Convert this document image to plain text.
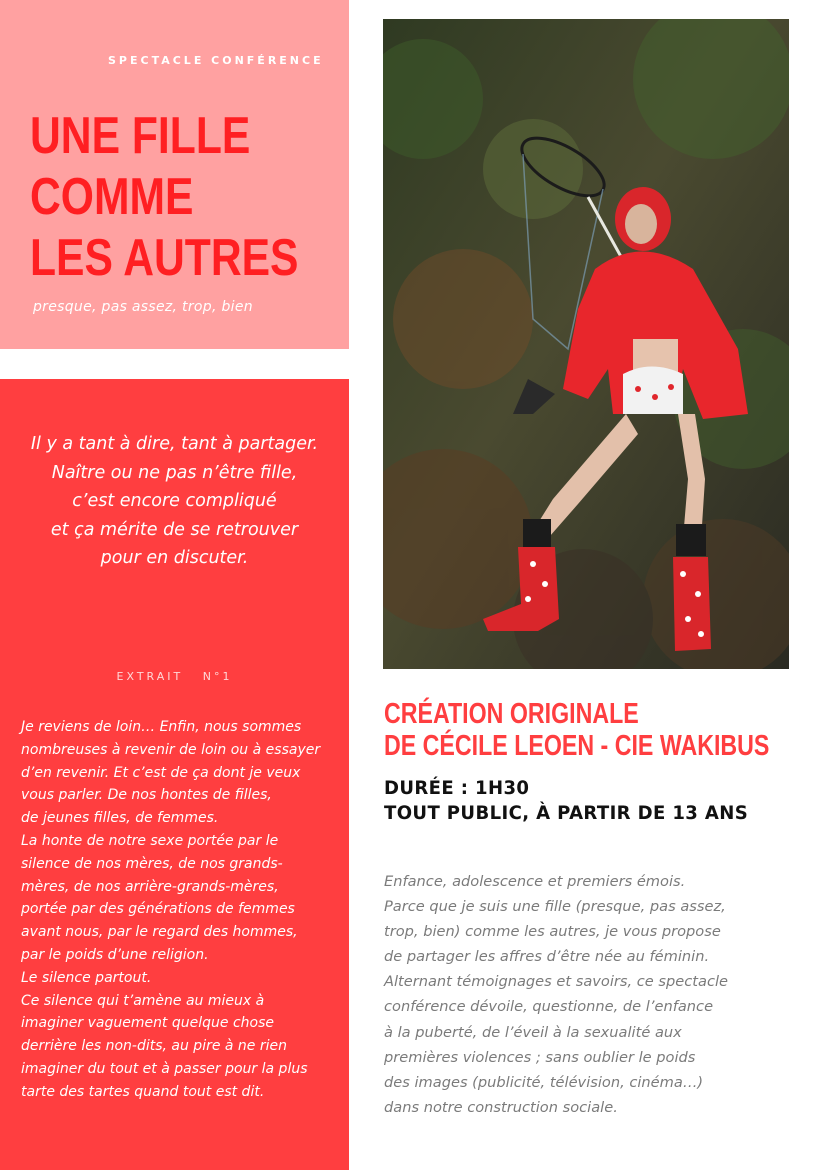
SPECTACLE CONFÉRENCE
UNE FILLE
COMME
LES AUTRES
presque, pas assez, trop, bien

Il y a tant à dire, tant à partager.
Naître ou ne pas n’être fille,
c’est encore compliqué
et ça mérite de se retrouver
pour en discuter.

EXTRAIT   N°1

Je reviens de loin… Enfin, nous sommes
nombreuses à revenir de loin ou à essayer
d’en revenir. Et c’est de ça dont je veux
vous parler. De nos hontes de filles,
de jeunes filles, de femmes.
La honte de notre sexe portée par le
silence de nos mères, de nos grands-
mères, de nos arrière-grands-mères,
portée par des générations de femmes
avant nous, par le regard des hommes,
par le poids d’une religion.
Le silence partout.
Ce silence qui t’amène au mieux à
imaginer vaguement quelque chose
derrière les non-dits, au pire à ne rien
imaginer du tout et à passer pour la plus
tarte des tartes quand tout est dit.

CRÉATION ORIGINALE
DE CÉCILE LEOEN - CIE WAKIBUS
DURÉE : 1H30
TOUT PUBLIC, À PARTIR DE 13 ANS

Enfance, adolescence et premiers émois.
Parce que je suis une fille (presque, pas assez,
trop, bien) comme les autres, je vous propose
de partager les affres d’être née au féminin.
Alternant témoignages et savoirs, ce spectacle
conférence dévoile, questionne, de l’enfance
à la puberté, de l’éveil à la sexualité aux
premières violences ; sans oublier le poids
des images (publicité, télévision, cinéma…)
dans notre construction sociale.
